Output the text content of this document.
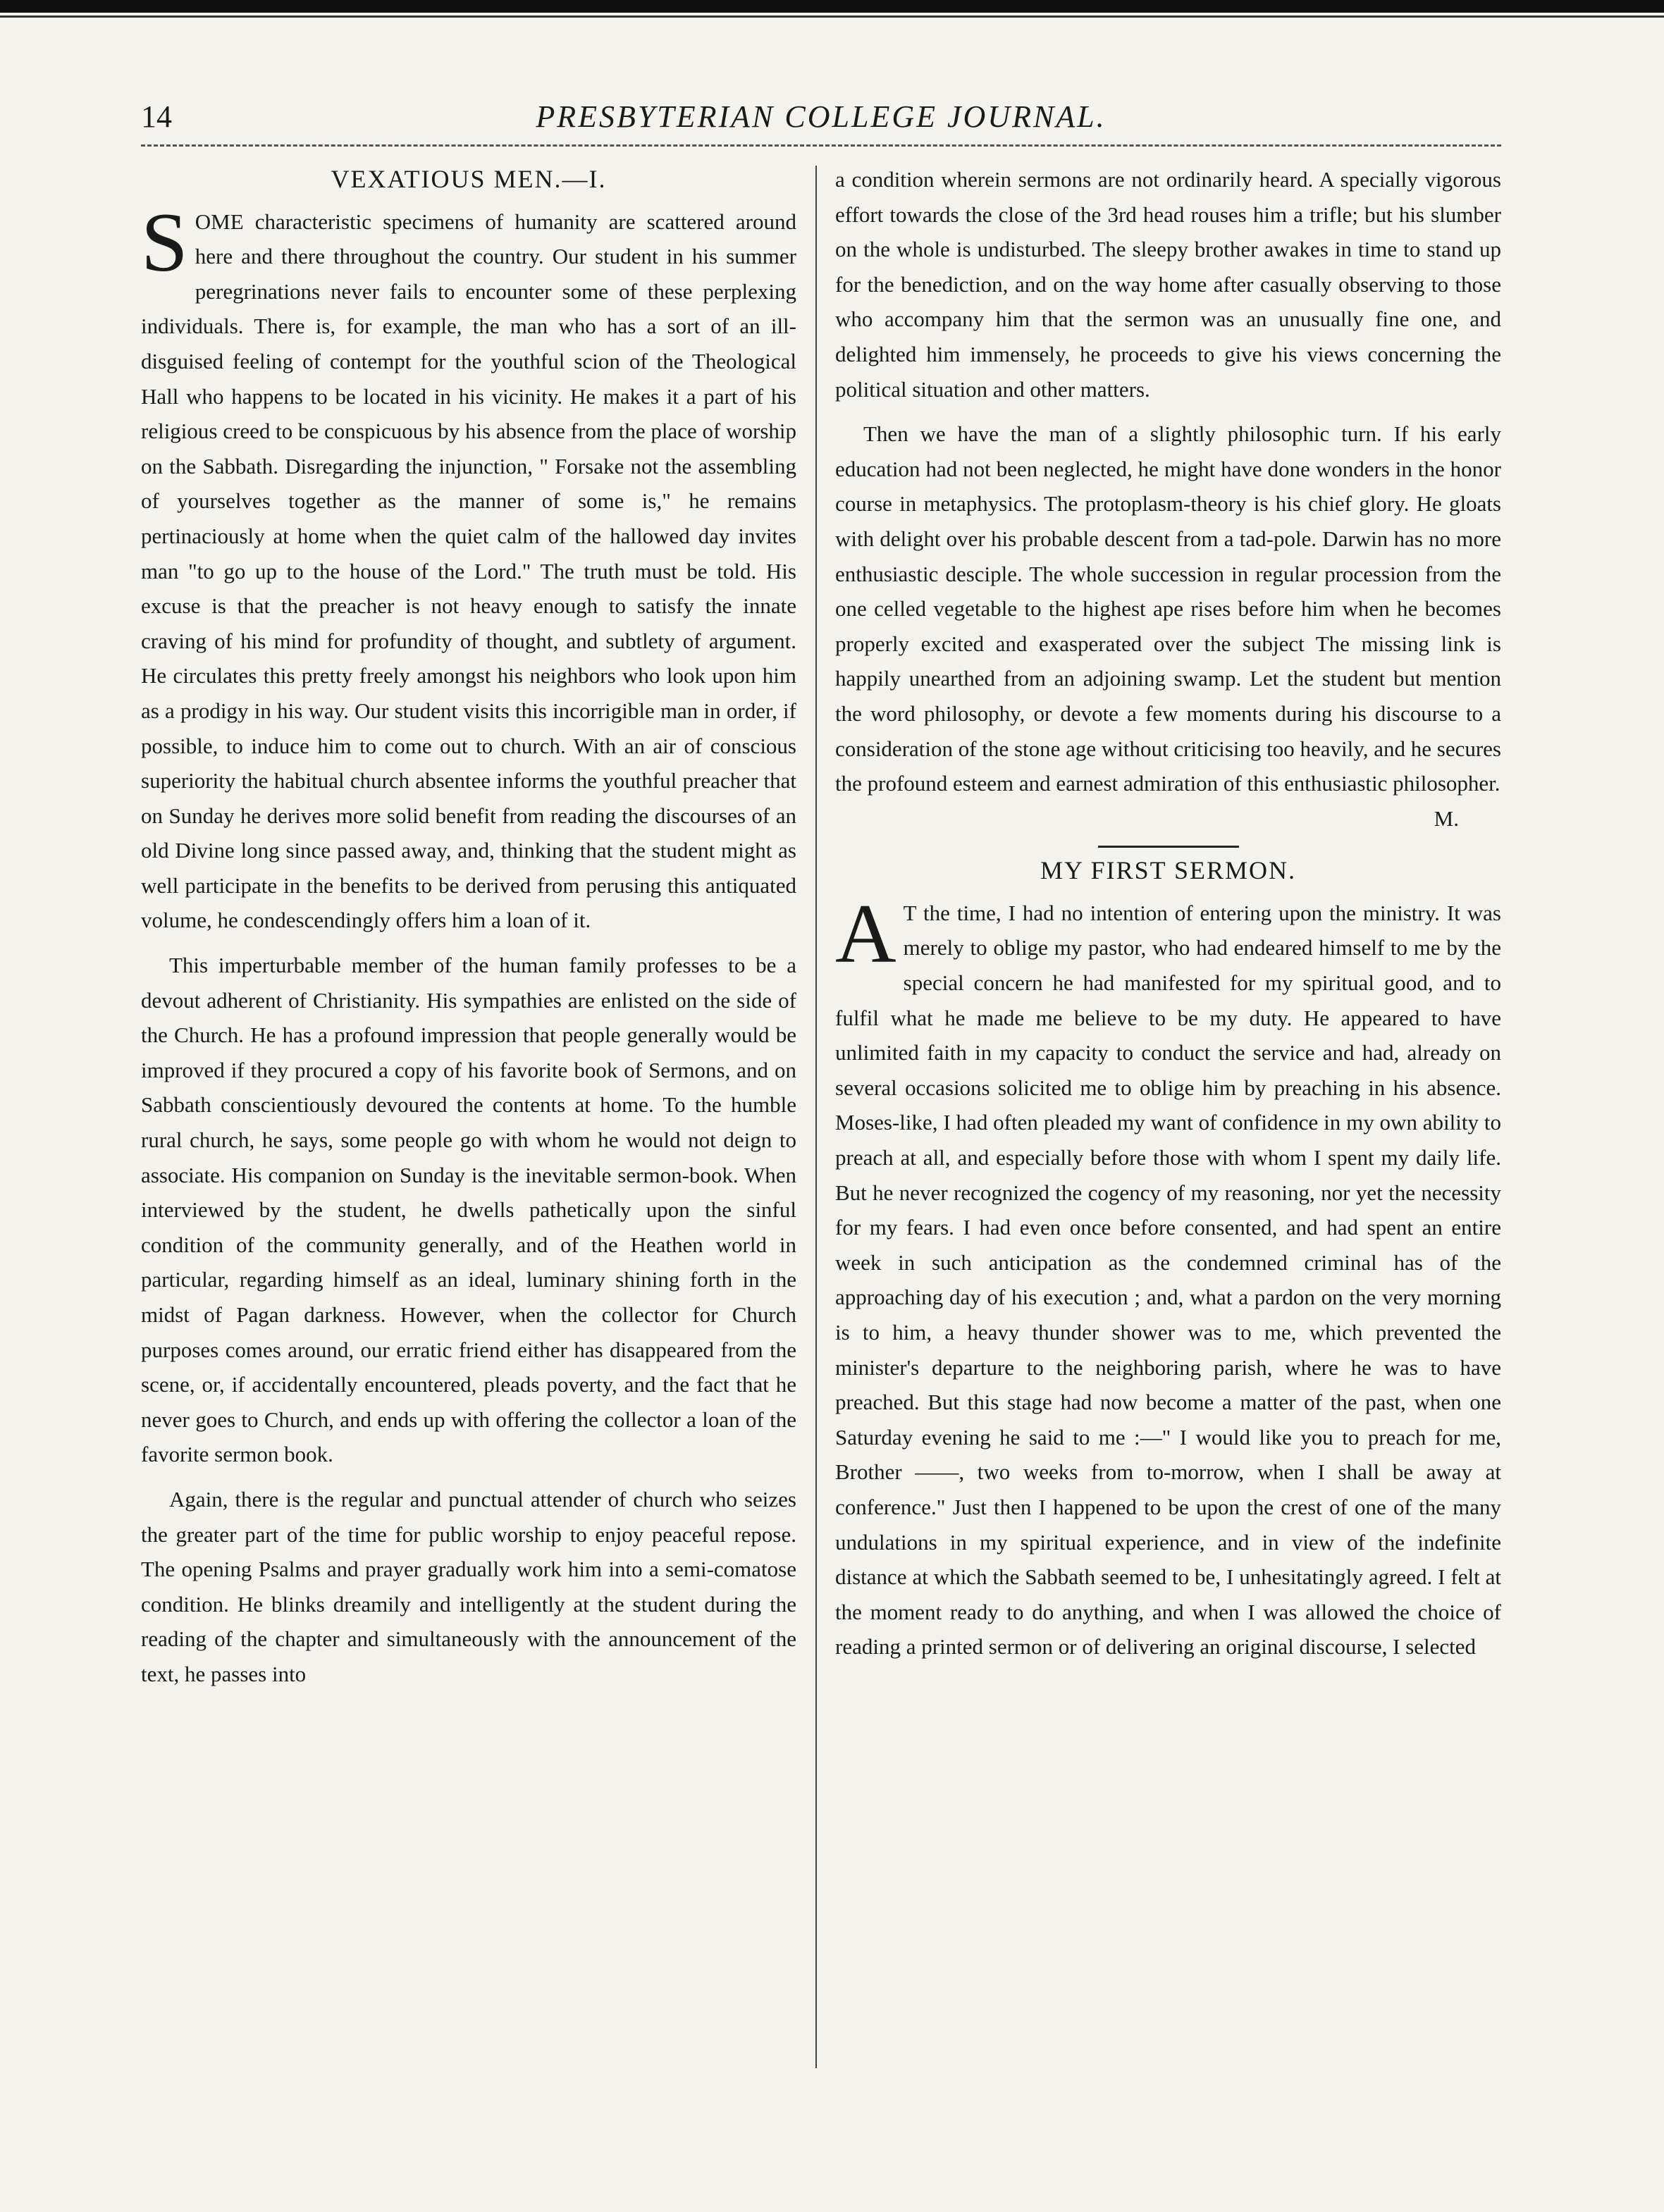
14	PRESBYTERIAN COLLEGE JOURNAL.
VEXATIOUS MEN.—I.

SOME characteristic specimens of humanity are scattered around here and there throughout the country. Our student in his summer peregrinations never fails to encounter some of these perplexing individuals. There is, for example, the man who has a sort of an ill-disguised feeling of contempt for the youthful scion of the Theological Hall who happens to be located in his vicinity. He makes it a part of his religious creed to be conspicuous by his absence from the place of worship on the Sabbath. Disregarding the injunction, " Forsake not the assembling of yourselves together as the manner of some is," he remains pertinaciously at home when the quiet calm of the hallowed day invites man "to go up to the house of the Lord." The truth must be told. His excuse is that the preacher is not heavy enough to satisfy the innate craving of his mind for profundity of thought, and subtlety of argument. He circulates this pretty freely amongst his neighbors who look upon him as a prodigy in his way. Our student visits this incorrigible man in order, if possible, to induce him to come out to church. With an air of conscious superiority the habitual church absentee informs the youthful preacher that on Sunday he derives more solid benefit from reading the discourses of an old Divine long since passed away, and, thinking that the student might as well participate in the benefits to be derived from perusing this antiquated volume, he condescendingly offers him a loan of it.

This imperturbable member of the human family professes to be a devout adherent of Christianity. His sympathies are enlisted on the side of the Church. He has a profound impression that people generally would be improved if they procured a copy of his favorite book of Sermons, and on Sabbath conscientiously devoured the contents at home. To the humble rural church, he says, some people go with whom he would not deign to associate. His companion on Sunday is the inevitable sermon-book. When interviewed by the student, he dwells pathetically upon the sinful condition of the community generally, and of the Heathen world in particular, regarding himself as an ideal, luminary shining forth in the midst of Pagan darkness. However, when the collector for Church purposes comes around, our erratic friend either has disappeared from the scene, or, if accidentally encountered, pleads poverty, and the fact that he never goes to Church, and ends up with offering the collector a loan of the favorite sermon book.

Again, there is the regular and punctual attender of church who seizes the greater part of the time for public worship to enjoy peaceful repose. The opening Psalms and prayer gradually work him into a semi-comatose condition. He blinks dreamily and intelligently at the student during the reading of the chapter and simultaneously with the announcement of the text, he passes into

a condition wherein sermons are not ordinarily heard. A specially vigorous effort towards the close of the 3rd head rouses him a trifle; but his slumber on the whole is undisturbed. The sleepy brother awakes in time to stand up for the benediction, and on the way home after casually observing to those who accompany him that the sermon was an unusually fine one, and delighted him immensely, he proceeds to give his views concerning the political situation and other matters.

Then we have the man of a slightly philosophic turn. If his early education had not been neglected, he might have done wonders in the honor course in metaphysics. The protoplasm-theory is his chief glory. He gloats with delight over his probable descent from a tad-pole. Darwin has no more enthusiastic desciple. The whole succession in regular procession from the one celled vegetable to the highest ape rises before him when he becomes properly excited and exasperated over the subject The missing link is happily unearthed from an adjoining swamp. Let the student but mention the word philosophy, or devote a few moments during his discourse to a consideration of the stone age without criticising too heavily, and he secures the profound esteem and earnest admiration of this enthusiastic philosopher.
M.

MY FIRST SERMON.

A T the time, I had no intention of entering upon the ministry. It was merely to oblige my pastor, who had endeared himself to me by the special concern he had manifested for my spiritual good, and to fulfil what he made me believe to be my duty. He appeared to have unlimited faith in my capacity to conduct the service and had, already on several occasions solicited me to oblige him by preaching in his absence. Moses-like, I had often pleaded my want of confidence in my own ability to preach at all, and especially before those with whom I spent my daily life. But he never recognized the cogency of my reasoning, nor yet the necessity for my fears. I had even once before consented, and had spent an entire week in such anticipation as the condemned criminal has of the approaching day of his execution ; and, what a pardon on the very morning is to him, a heavy thunder shower was to me, which prevented the minister's departure to the neighboring parish, where he was to have preached. But this stage had now become a matter of the past, when one Saturday evening he said to me :—" I would like you to preach for me, Brother ——, two weeks from to-morrow, when I shall be away at conference." Just then I happened to be upon the crest of one of the many undulations in my spiritual experience, and in view of the indefinite distance at which the Sabbath seemed to be, I unhesitatingly agreed. I felt at the moment ready to do anything, and when I was allowed the choice of reading a printed sermon or of delivering an original discourse, I selected
